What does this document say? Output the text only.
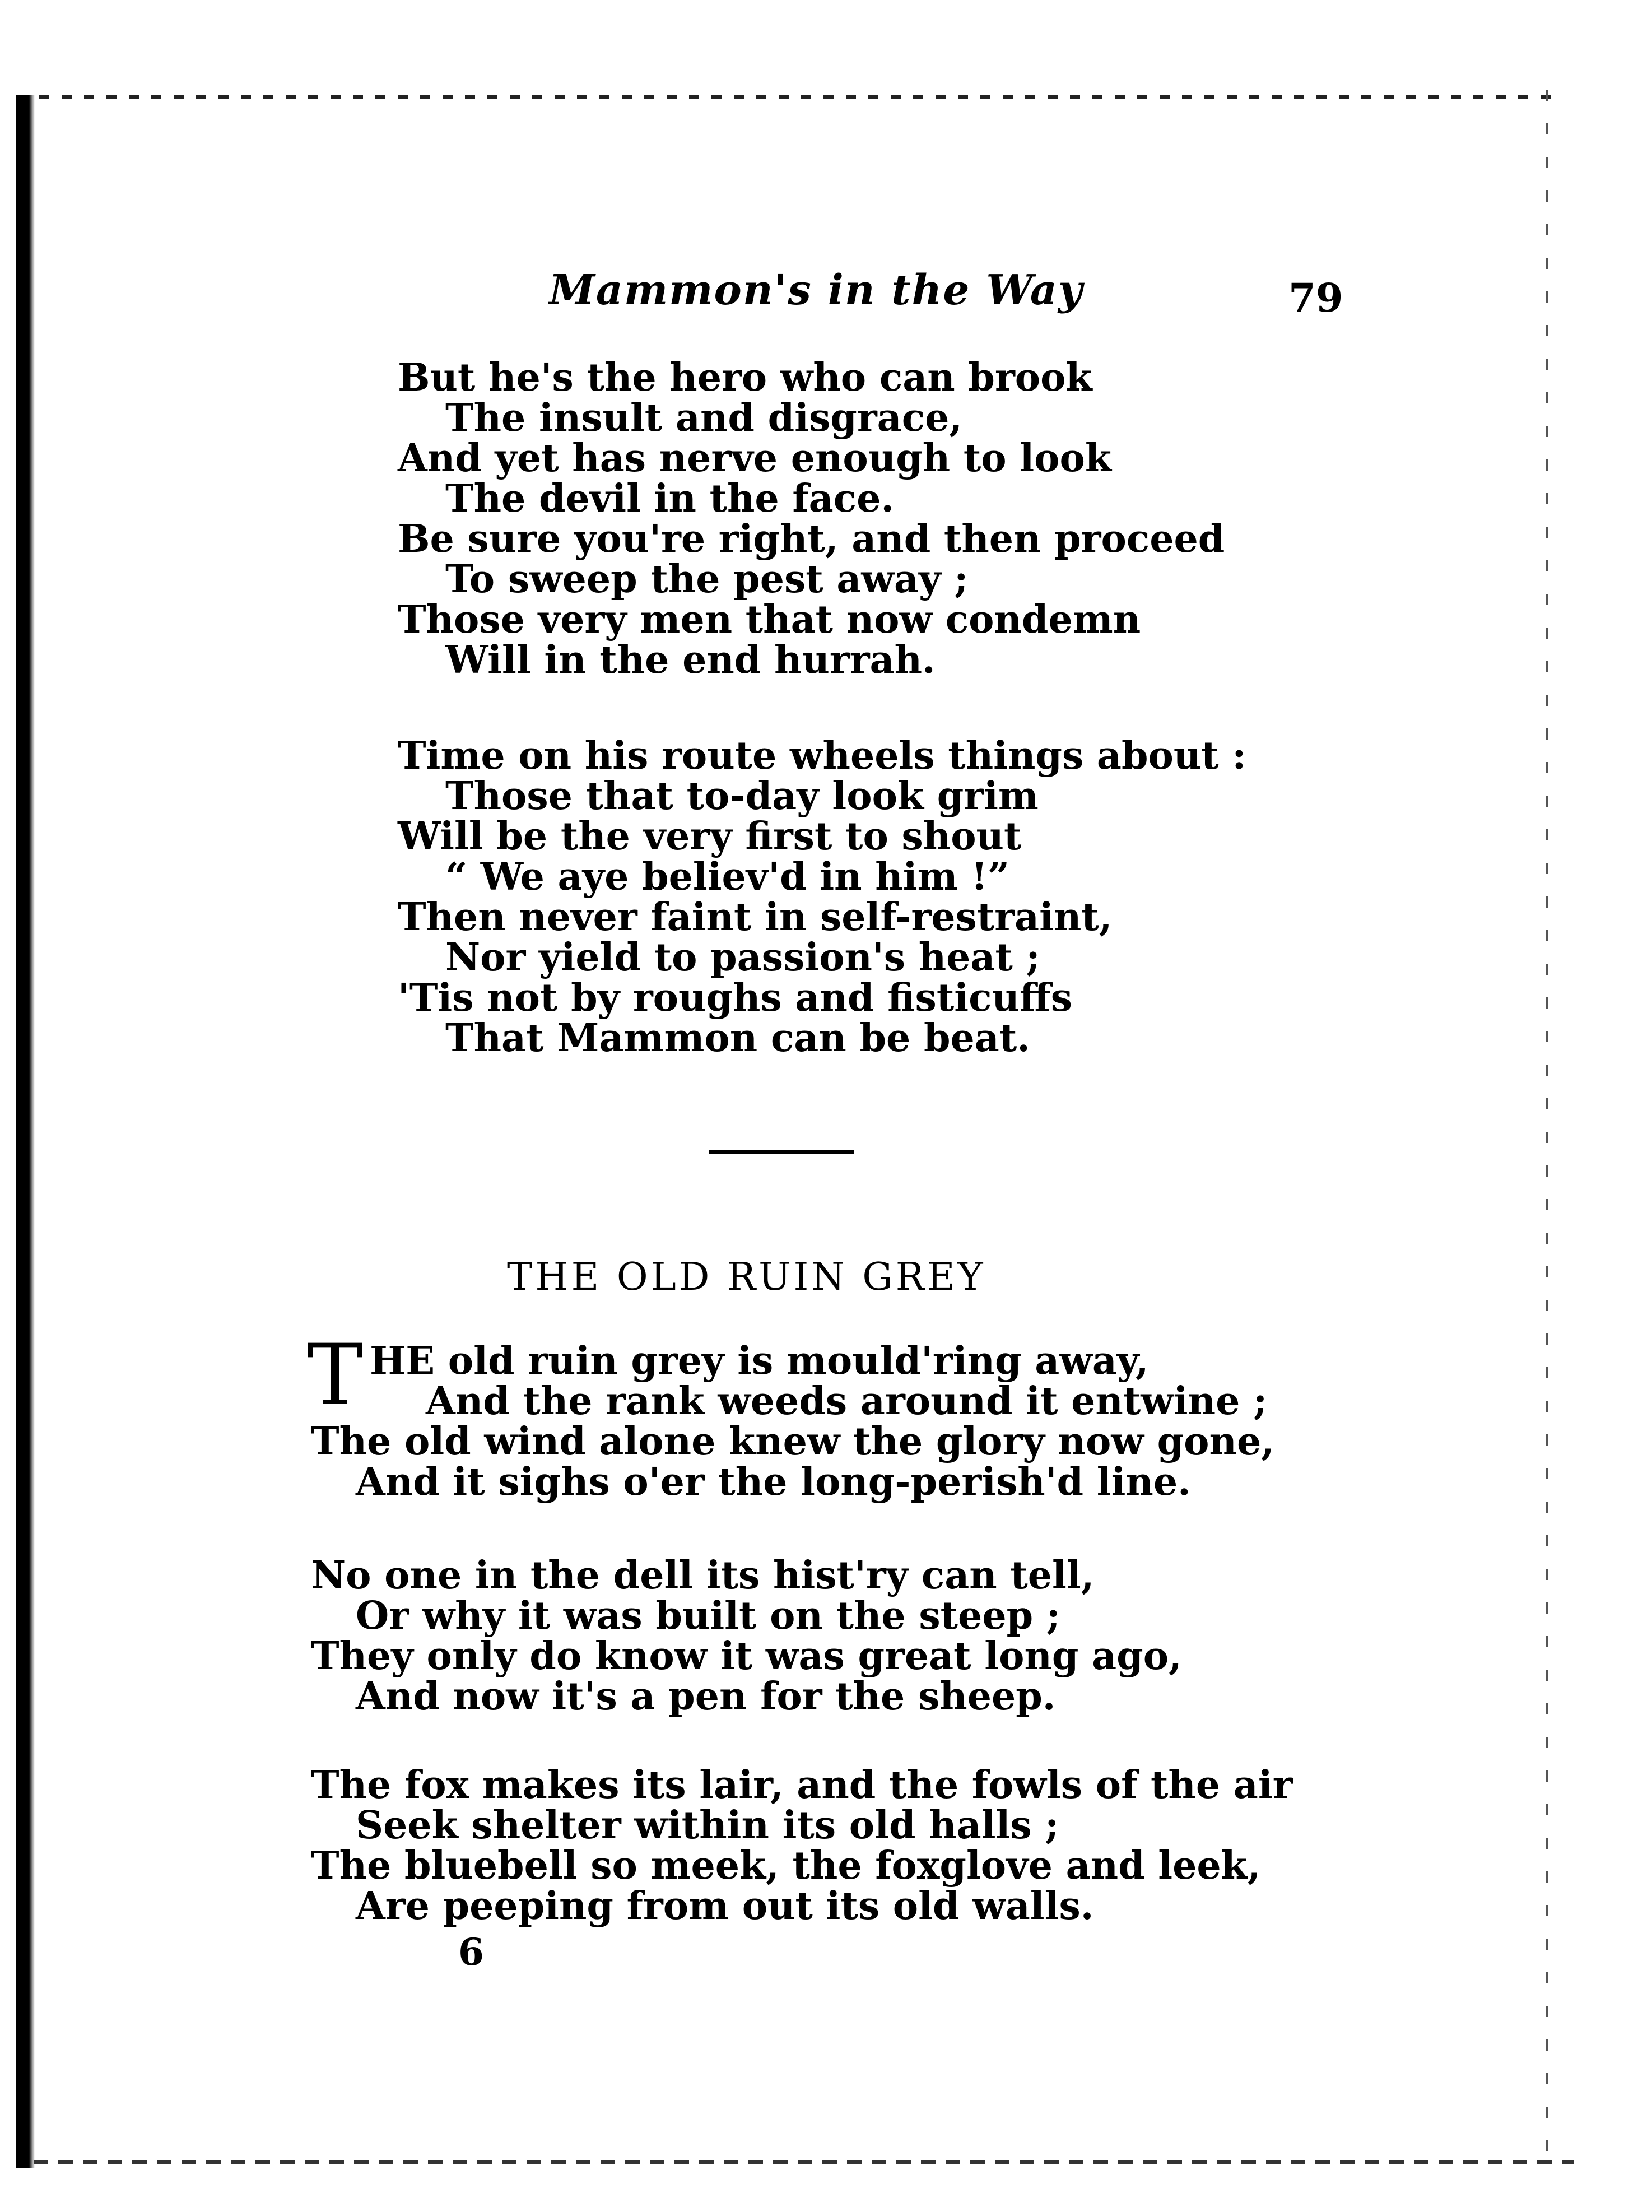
Mammon's in the Way	79
But he's the hero who can brook
The insult and disgrace,
And yet has nerve enough to look
The devil in the face.
Be sure you're right, and then proceed
To sweep the pest away ;
Those very men that now condemn
Will in the end hurrah.
Time on his route wheels things about :
Those that to-day look grim
Will be the very first to shout
“ We aye believ'd in him !”
Then never faint in self-restraint,
Nor yield to passion's heat ;
'Tis not by roughs and fisticuffs
That Mammon can be beat.
THE OLD RUIN GREY
T HE old ruin grey is mould'ring away,
And the rank weeds around it entwine ;
The old wind alone knew the glory now gone,
And it sighs o'er the long-perish'd line.
No one in the dell its hist'ry can tell,
Or why it was built on the steep ;
They only do know it was great long ago,
And now it's a pen for the sheep.
The fox makes its lair, and the fowls of the air
Seek shelter within its old halls ;
The bluebell so meek, the foxglove and leek,
Are peeping from out its old walls.
6
